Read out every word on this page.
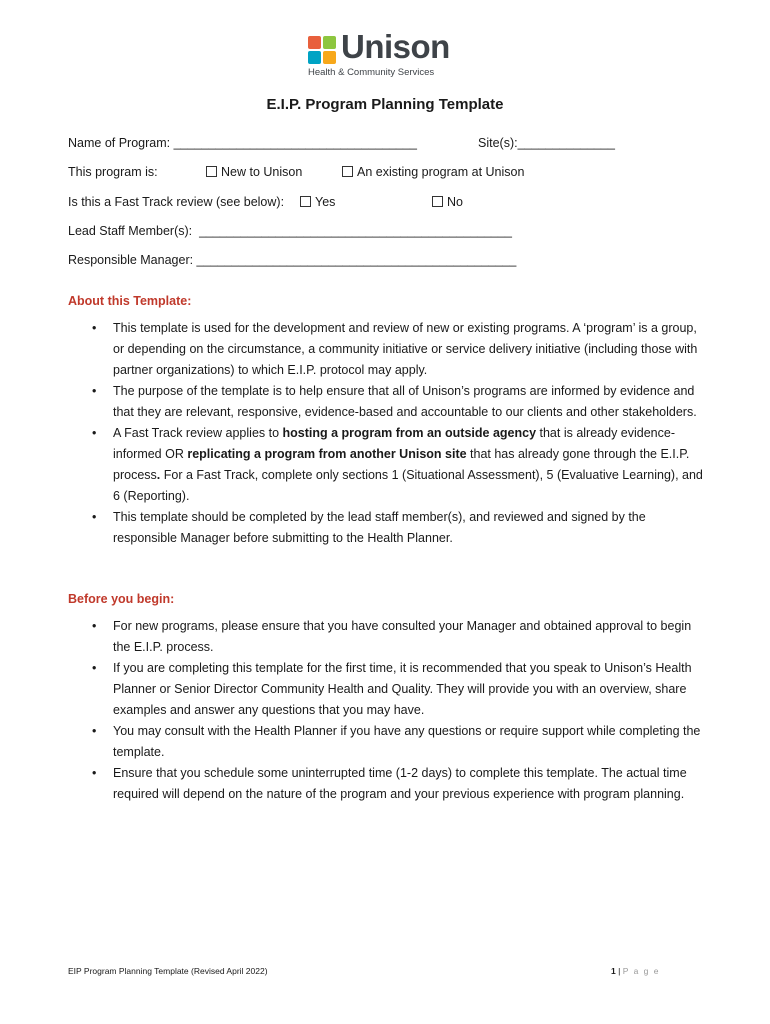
Unison
Health & Community Services
E.I.P. Program Planning Template
Name of Program: ___________________________________	Site(s):______________
This program is:	New to Unison	An existing program at Unison
Is this a Fast Track review (see below):	Yes	No
Lead Staff Member(s):  _____________________________________________
Responsible Manager: ______________________________________________
About this Template:
• This template is used for the development and review of new or existing programs. A ‘program’ is a group, or depending on the circumstance, a community initiative or service delivery initiative (including those with partner organizations) to which E.I.P. protocol may apply.
• The purpose of the template is to help ensure that all of Unison’s programs are informed by evidence and that they are relevant, responsive, evidence-based and accountable to our clients and other stakeholders.
• A Fast Track review applies to hosting a program from an outside agency that is already evidence-informed OR replicating a program from another Unison site that has already gone through the E.I.P. process. For a Fast Track, complete only sections 1 (Situational Assessment), 5 (Evaluative Learning), and 6 (Reporting).
• This template should be completed by the lead staff member(s), and reviewed and signed by the responsible Manager before submitting to the Health Planner.
Before you begin:
• For new programs, please ensure that you have consulted your Manager and obtained approval to begin the E.I.P. process.
• If you are completing this template for the first time, it is recommended that you speak to Unison’s Health Planner or Senior Director Community Health and Quality. They will provide you with an overview, share examples and answer any questions that you may have.
• You may consult with the Health Planner if you have any questions or require support while completing the template.
• Ensure that you schedule some uninterrupted time (1-2 days) to complete this template. The actual time required will depend on the nature of the program and your previous experience with program planning.
EIP Program Planning Template (Revised April 2022)	1 | P a g e
